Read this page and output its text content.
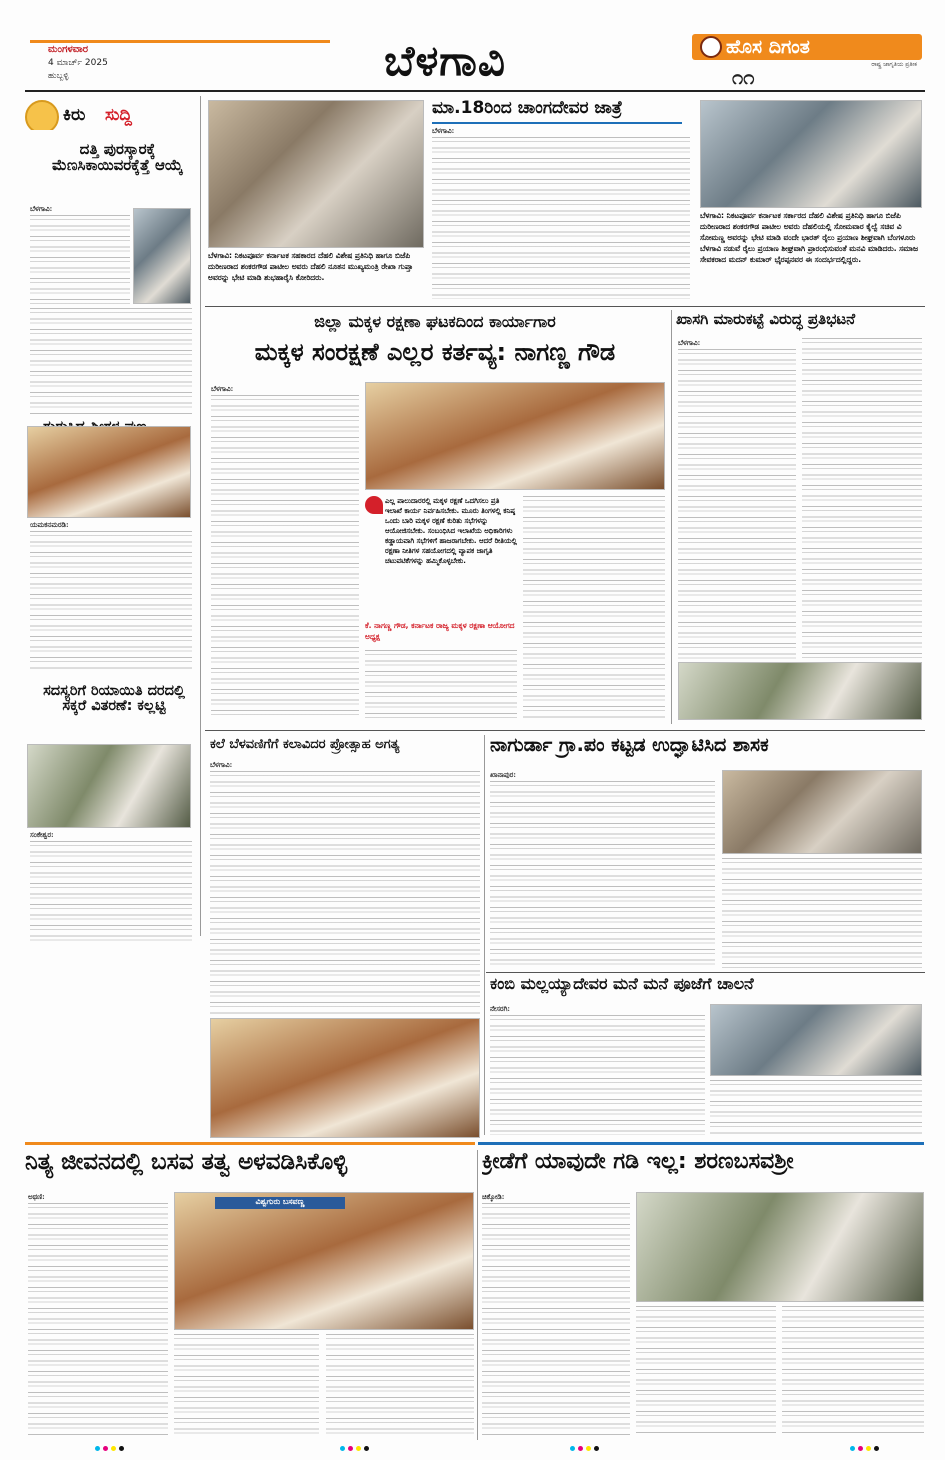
ಮಂಗಳವಾರ
4 ಮಾರ್ಚ್ 2025
ಹುಬ್ಬಳ್ಳಿ	ಬೆಳಗಾವಿ	ಹೊಸ ದಿಗಂತ
ರಾಷ್ಟ್ರ ಜಾಗೃತಿಯ ಪ್ರತೀಕ
೧೧
ಕಿರು	ಸುದ್ದಿ
ದತ್ತಿ ಪುರಸ್ಕಾರಕ್ಕೆ ಮೆಣಸಿಕಾಯಿವರಕ್ಕೆತ್ತೆ ಆಯ್ಕೆ
ಬೆಳಗಾವಿ:
ಯಮಕನಮರಡಿ:
ಸದಸ್ಯರಿಗೆ ರಿಯಾಯಿತಿ ದರದಲ್ಲಿ ಸಕ್ಕರೆ ವಿತರಣೆ: ಕಲ್ಲಟ್ಟಿ
ಸಂಕೇಶ್ವರ:
ಬೆಳಗಾವಿ: ನಿಕಟಪೂರ್ವ ಕರ್ನಾಟಕ ಸಹಕಾರದ ದೆಹಲಿ ವಿಶೇಷ ಪ್ರತಿನಿಧಿ ಹಾಗೂ ಬಿಜೆಪಿ ದುರೀಣರಾದ ಶಂಕರಗೌಡ ಪಾಟೀಲ ಅವರು ದೆಹಲಿ ನೂತನ ಮುಖ್ಯಮಂತ್ರಿ ರೇಖಾ ಗುಪ್ತಾ ಅವರನ್ನು ಭೇಟಿ ಮಾಡಿ ಶುಭಹಾರೈಸಿ ಕೋರಿದರು.
ಮಾ.18ರಿಂದ ಚಾಂಗದೇವರ ಜಾತ್ರೆ
ಬೆಳಗಾವಿ:
ಬೆಳಗಾವಿ: ನಿಕಟಪೂರ್ವ ಕರ್ನಾಟಕ ಸರ್ಕಾರದ ದೆಹಲಿ ವಿಶೇಷ ಪ್ರತಿನಿಧಿ ಹಾಗೂ ಬಿಜೆಪಿ ದುರೀಣರಾದ ಶಂಕರಗೌಡ ಪಾಟೀಲ ಅವರು ದೆಹಲಿಯಲ್ಲಿ ಸೋಮವಾರ ಕೈಲ್ವೆ ಸಚಿವ ವಿ ಸೋಮಣ್ಣ ಅವರನ್ನು ಭೇಟಿ ಮಾಡಿ ವಂದೇ ಭಾರತ್ ರೈಲು ಪ್ರಯಾಣ ಶೀಘ್ರವಾಗಿ ಬೆಂಗಳೂರು ಬೆಳಗಾವಿ ನಡುವೆ ರೈಲು ಪ್ರಯಾಣ ಶೀಘ್ರವಾಗಿ ಪ್ರಾರಂಭಿಸುವಂತೆ ಮನವಿ ಮಾಡಿದರು. ಸಮಾಜ ಸೇವಕರಾದ ಮದನ್ ಕುಮಾರ್ ಭೈರಪ್ಪನವರ ಈ ಸಂದರ್ಭದಲ್ಲಿದ್ದರು.
ಜಿಲ್ಲಾ ಮಕ್ಕಳ ರಕ್ಷಣಾ ಘಟಕದಿಂದ ಕಾರ್ಯಾಗಾರ
ಮಕ್ಕಳ ಸಂರಕ್ಷಣೆ ಎಲ್ಲರ ಕರ್ತವ್ಯ: ನಾಗಣ್ಣ ಗೌಡ
ಬೆಳಗಾವಿ:
ಎಲ್ಲ ಪಾಲುದಾರರಲ್ಲಿ ಮಕ್ಕಳ ರಕ್ಷಣೆ ಒದಗಿಸಲು ಪ್ರತಿ ಇಲಾಖೆ ಕಾರ್ಯ ನಿರ್ವಹಿಸಬೇಕು. ಮೂರು ತಿಂಗಳಲ್ಲಿ ಕನಿಷ್ಠ ಒಂದು ಬಾರಿ ಮಕ್ಕಳ ರಕ್ಷಣೆ ಕುರಿತು ಸಭೆಗಳನ್ನು ಆಯೋಜಿಸಬೇಕು. ಸಂಬಂಧಿಸಿದ ಇಲಾಖೆಯ ಅಧಿಕಾರಿಗಳು ಕಡ್ಡಾಯವಾಗಿ ಸಭೆಗಳಿಗೆ ಹಾಜರಾಗಬೇಕು. ಆದರೆ ರೀತಿಯಲ್ಲಿ ರಕ್ಷಣಾ ನೀತಿಗಳ ಸಹಯೋಗದಲ್ಲಿ ವ್ಯಾಪಕ ಜಾಗೃತಿ ಚಟುವಟಿಕೆಗಳನ್ನು ಹಮ್ಮಿಕೊಳ್ಳಬೇಕು.
ಕೆ. ನಾಗಣ್ಣ ಗೌಡ, ಕರ್ನಾಟಕ ರಾಜ್ಯ ಮಕ್ಕಳ ರಕ್ಷಣಾ ಆಯೋಗದ ಅಧ್ಯಕ್ಷ
ಖಾಸಗಿ ಮಾರುಕಟ್ಟೆ ವಿರುದ್ಧ ಪ್ರತಿಭಟನೆ
ಬೆಳಗಾವಿ:
ಕಲೆ ಬೆಳವಣಿಗೆಗೆ ಕಲಾವಿದರ ಪ್ರೋತ್ಸಾಹ ಅಗತ್ಯ
ಬೆಳಗಾವಿ:
ನಾಗುರ್ಡಾ ಗ್ರಾ.ಪಂ ಕಟ್ಟಡ ಉದ್ಘಾಟಿಸಿದ ಶಾಸಕ
ಖಾನಾಪುರ:
ಕಂಬಿ ಮಲ್ಲಯ್ಯಾದೇವರ ಮನೆ ಮನೆ ಪೂಜೆಗೆ ಚಾಲನೆ
ನೇಸರಗಿ:
ನಿತ್ಯ ಜೀವನದಲ್ಲಿ ಬಸವ ತತ್ವ ಅಳವಡಿಸಿಕೊಳ್ಳಿ
ಅಥಣಿ:
ವಿಶ್ವಗುರು ಬಸವಣ್ಣ
ಕ್ರೀಡೆಗೆ ಯಾವುದೇ ಗಡಿ ಇಲ್ಲ: ಶರಣಬಸವಶ್ರೀ
ಚಿಕ್ಕೋಡಿ:
